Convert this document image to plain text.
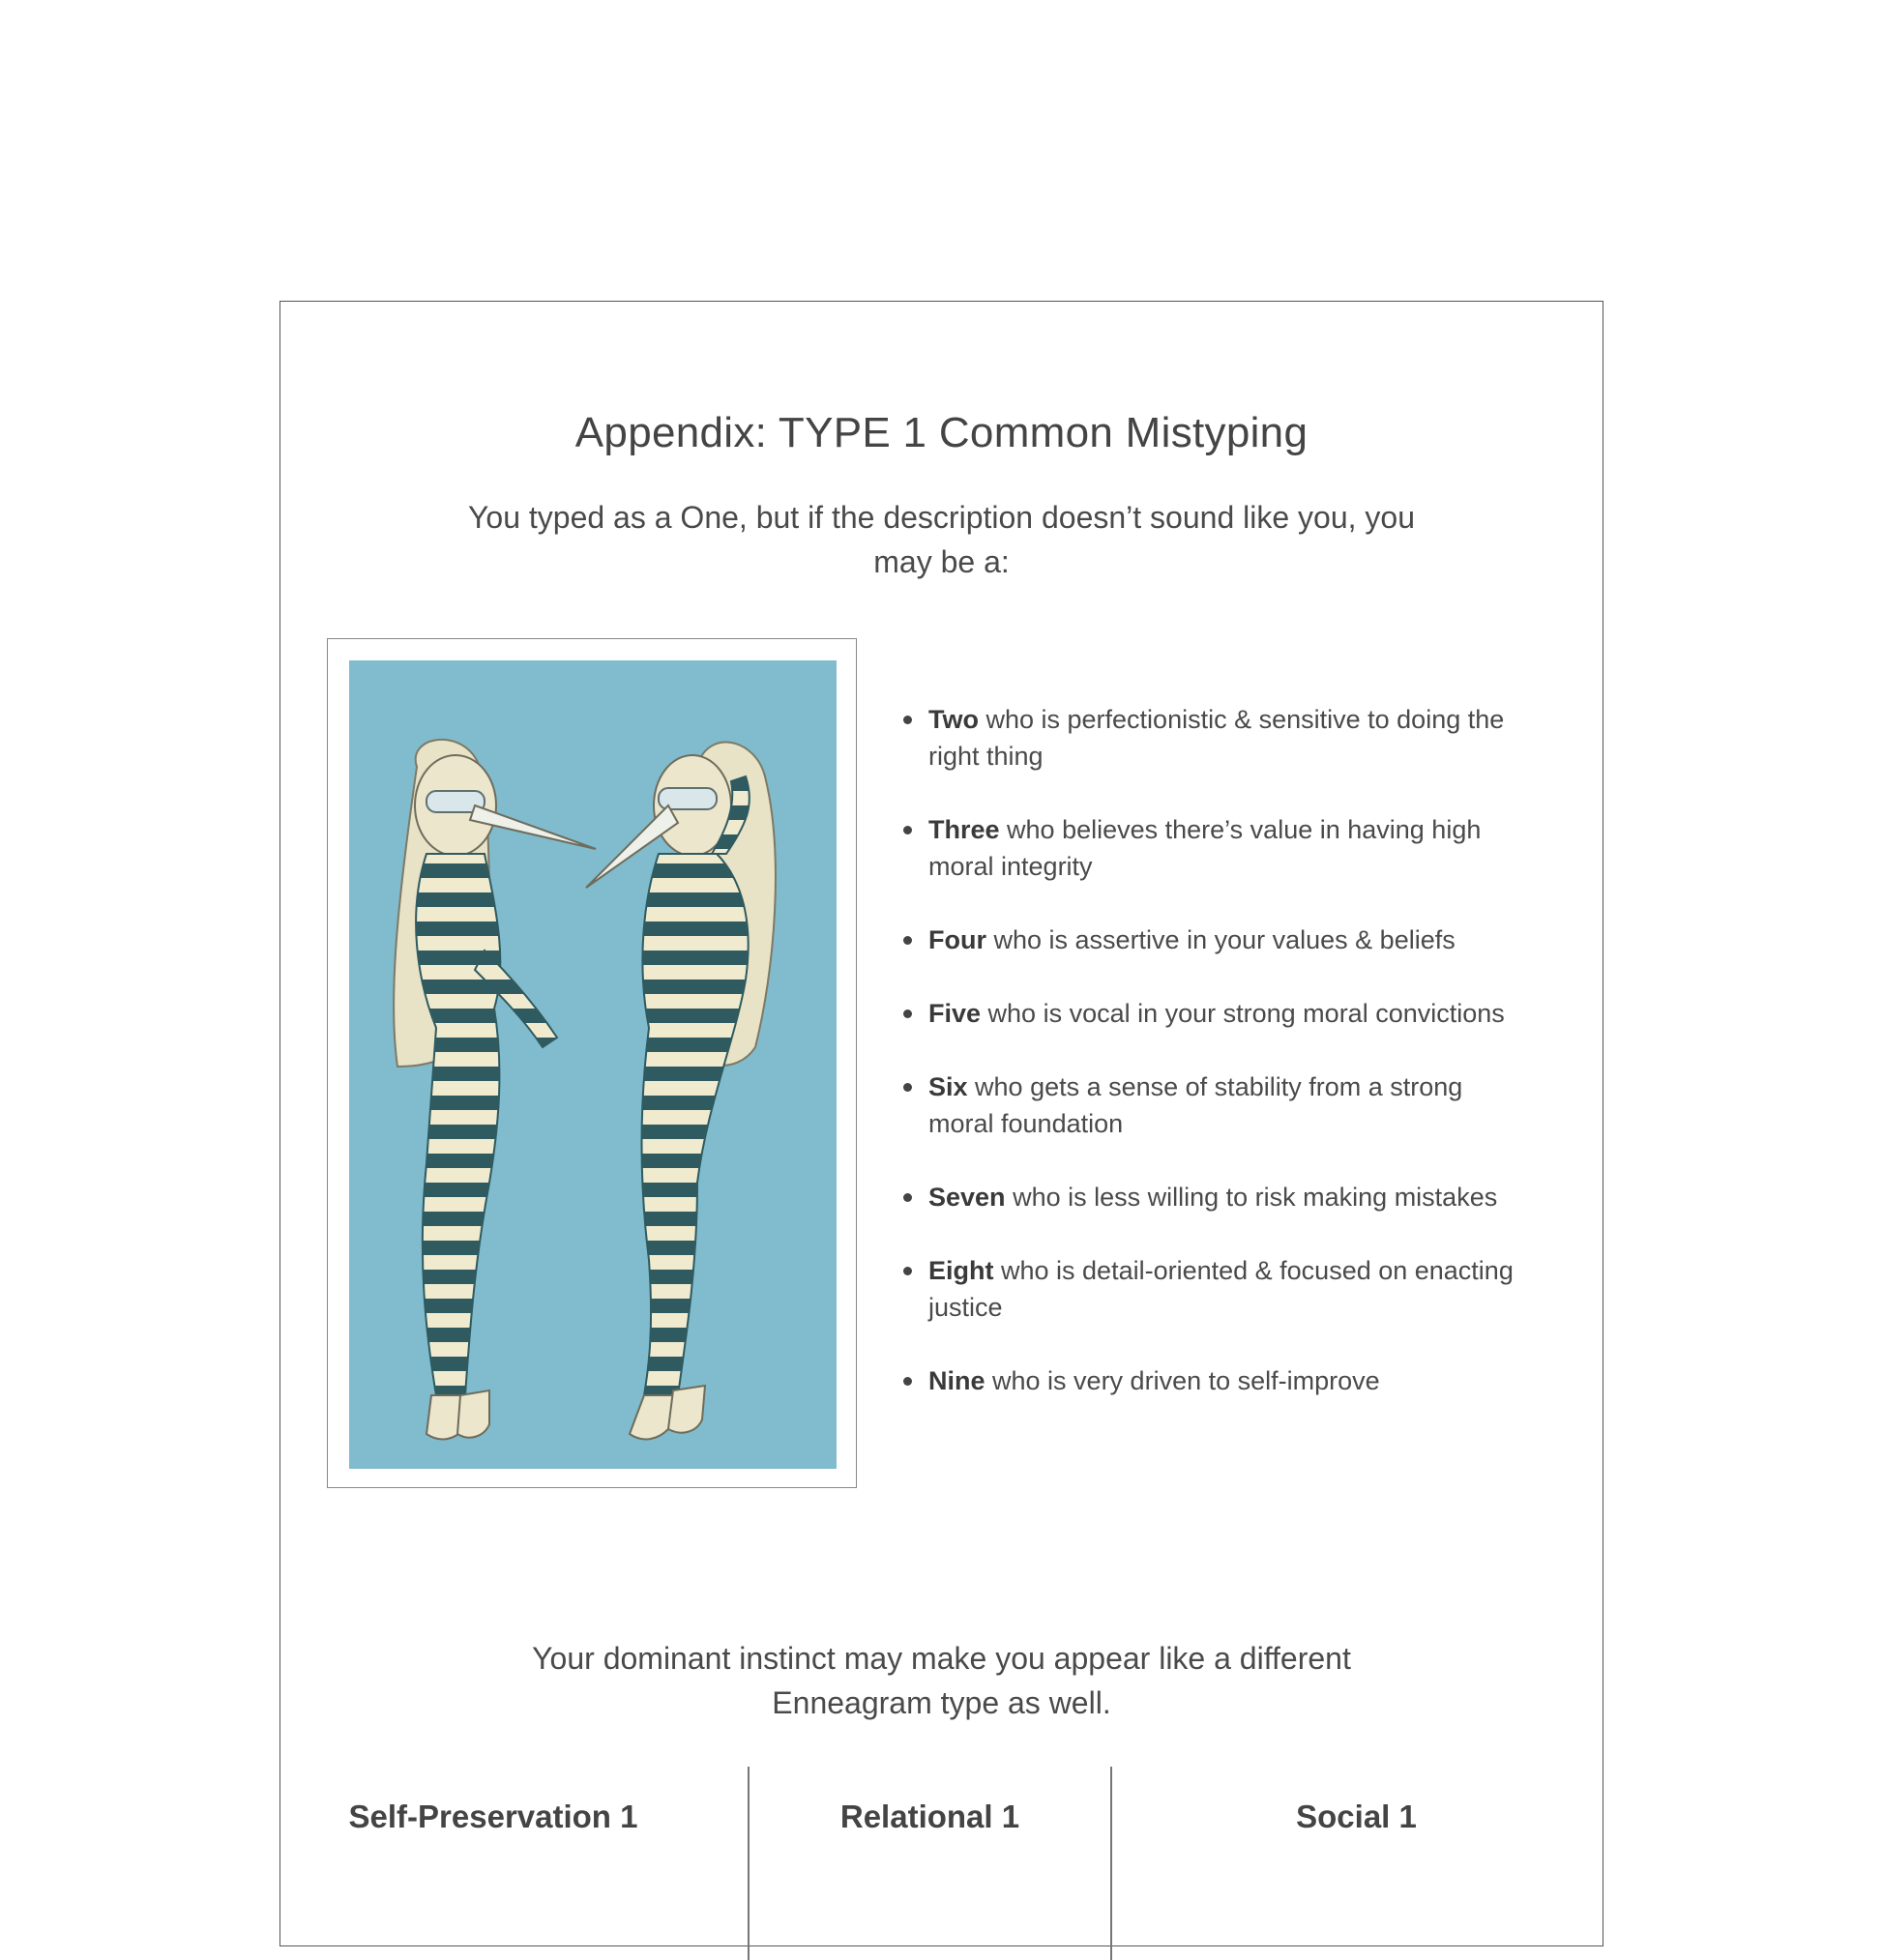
Appendix: TYPE 1 Common Mistyping
You typed as a One, but if the description doesn’t sound like you, you may be a:
Two who is perfectionistic & sensitive to doing the right thing
Three who believes there’s value in having high moral integrity
Four who is assertive in your values & beliefs
Five who is vocal in your strong moral convictions
Six who gets a sense of stability from a strong moral foundation
Seven who is less willing to risk making mistakes
Eight who is detail-oriented & focused on enacting justice
Nine who is very driven to self-improve
Your dominant instinct may make you appear like a different Enneagram type as well.
Self-Preservation 1	Relational 1	Social 1
